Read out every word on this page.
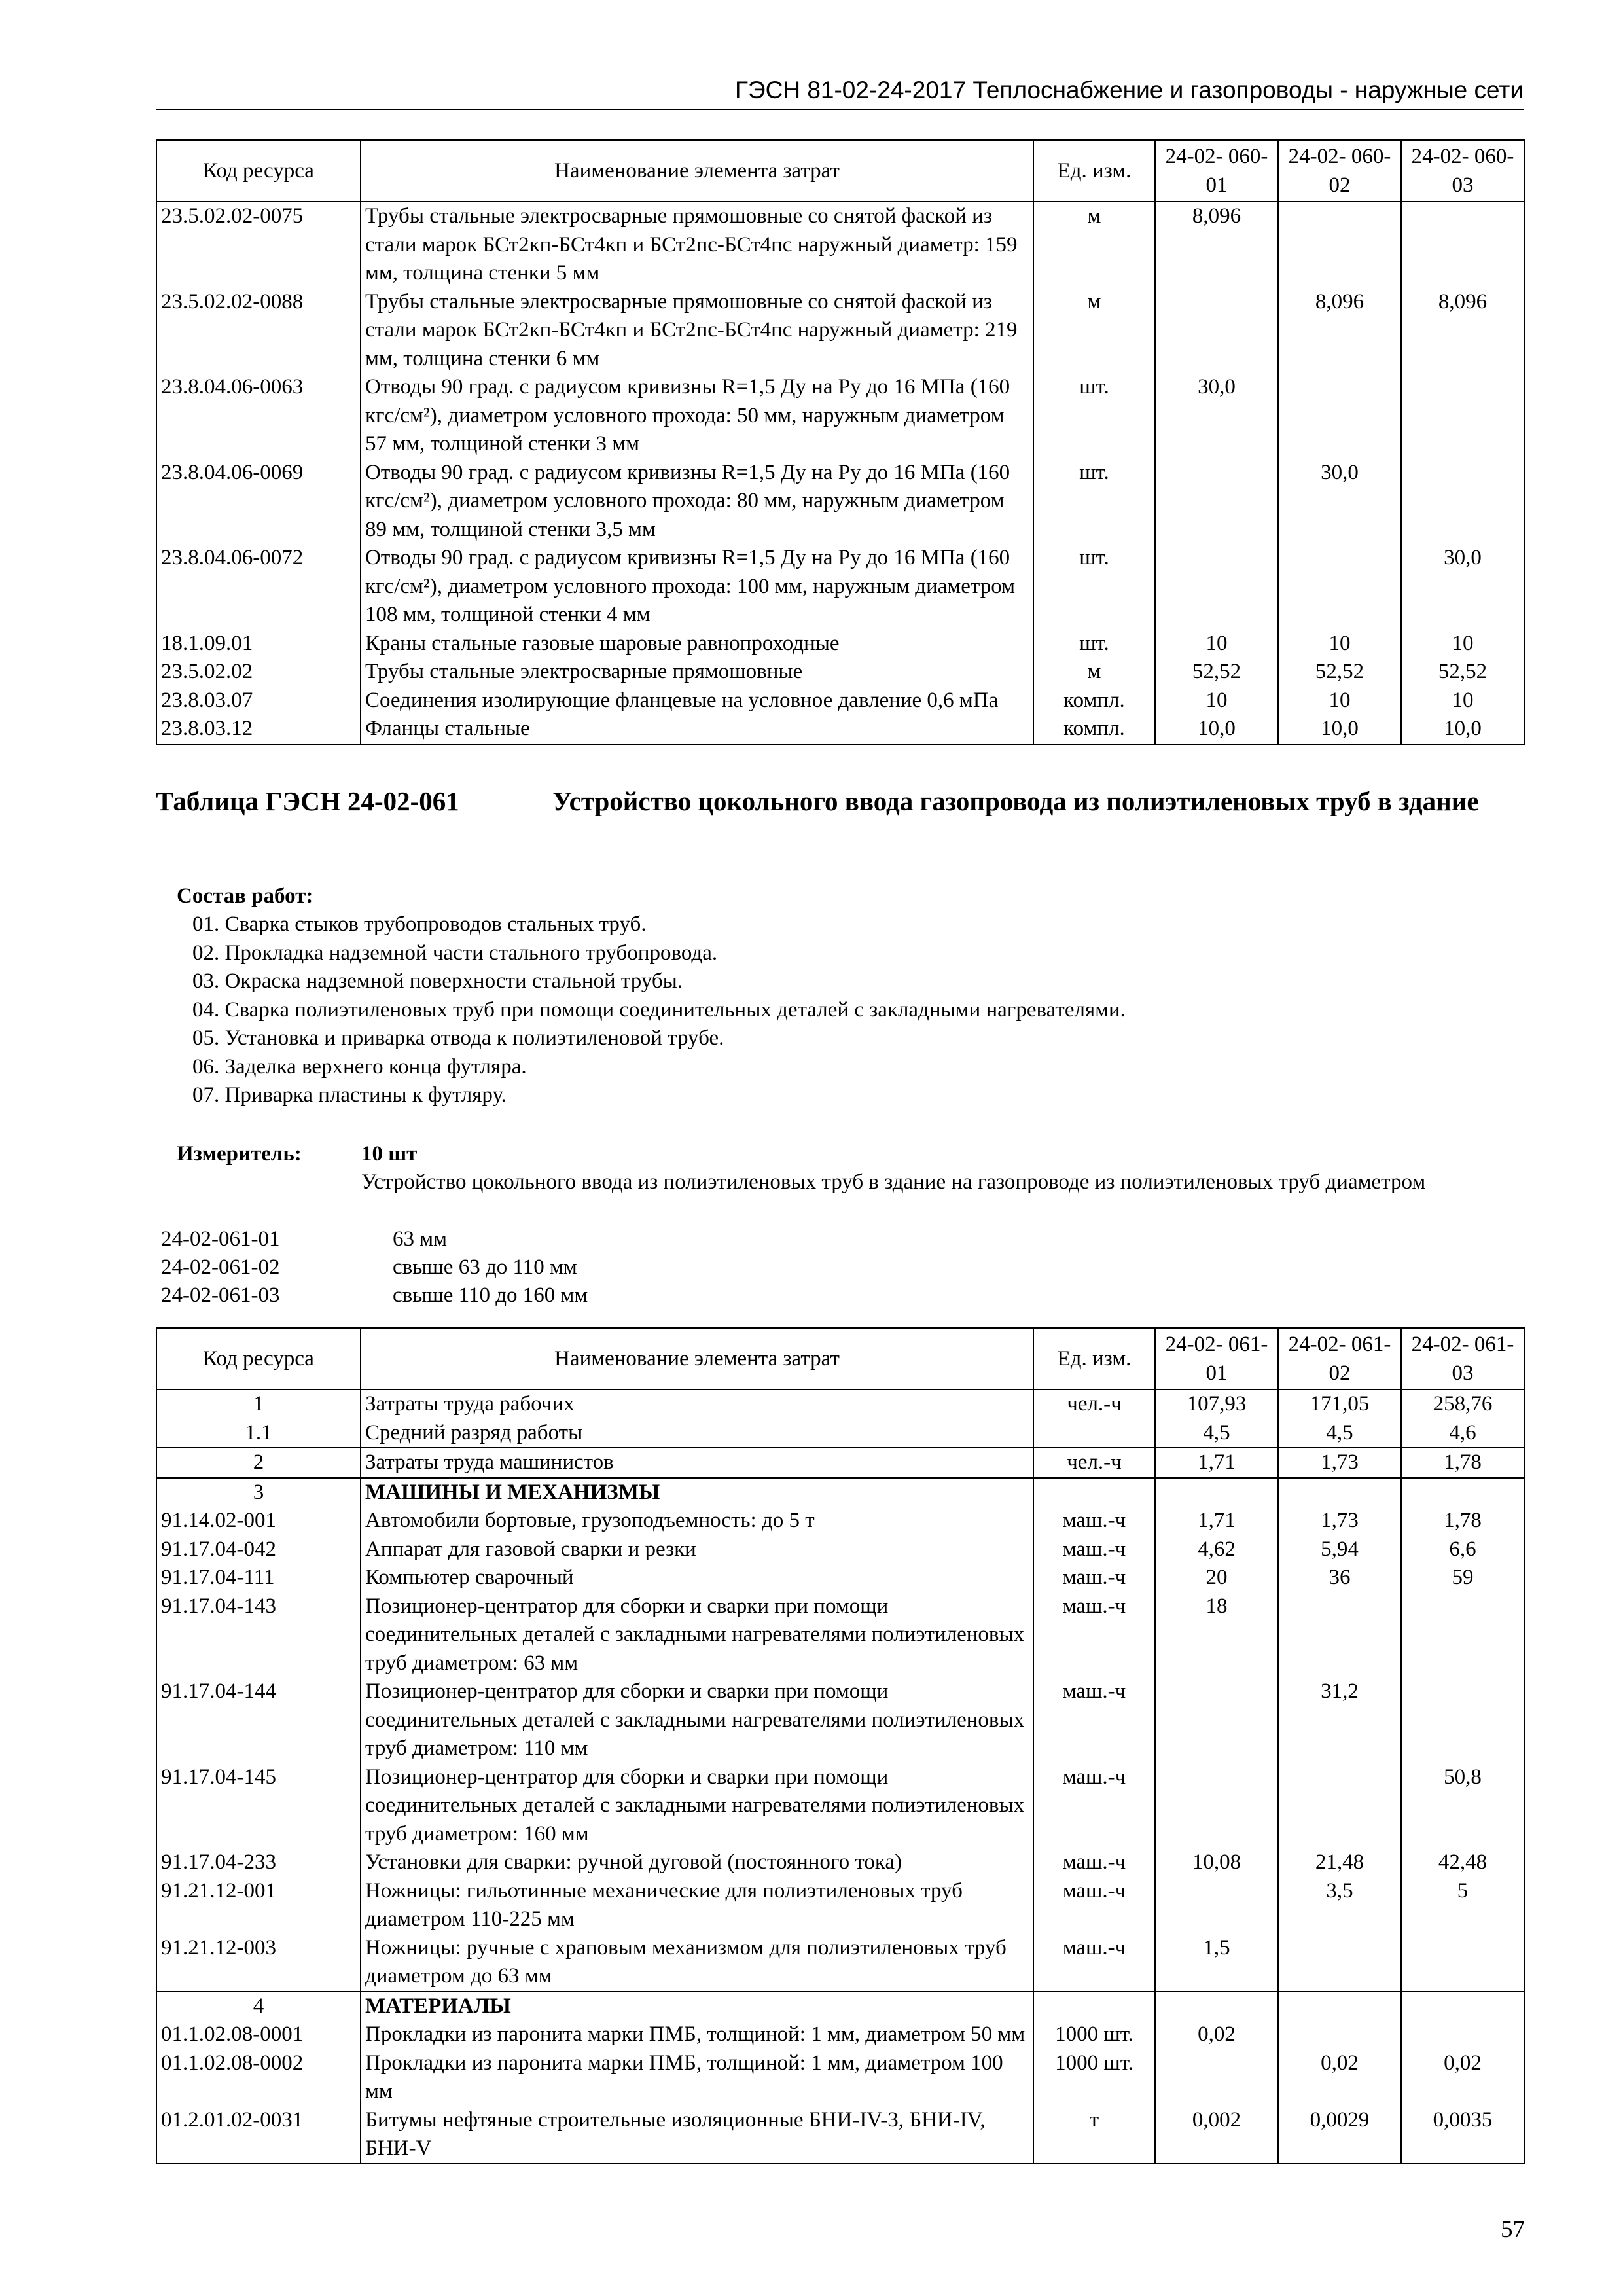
ГЭСН 81-02-24-2017 Теплоснабжение и газопроводы - наружные сети
Код ресурса	Наименование элемента затрат	Ед. изм.	24-02- 060-01	24-02- 060-02	24-02- 060-03
23.5.02.02-0075	Трубы стальные электросварные прямошовные со снятой фаской из стали марок БСт2кп-БСт4кп и БСт2пс-БСт4пс наружный диаметр: 159 мм, толщина стенки 5 мм	м	8,096		
23.5.02.02-0088	Трубы стальные электросварные прямошовные со снятой фаской из стали марок БСт2кп-БСт4кп и БСт2пс-БСт4пс наружный диаметр: 219 мм, толщина стенки 6 мм	м		8,096	8,096
23.8.04.06-0063	Отводы 90 град. с радиусом кривизны R=1,5 Ду на Ру до 16 МПа (160 кгс/см²), диаметром условного прохода: 50 мм, наружным диаметром 57 мм, толщиной стенки 3 мм	шт.	30,0		
23.8.04.06-0069	Отводы 90 град. с радиусом кривизны R=1,5 Ду на Ру до 16 МПа (160 кгс/см²), диаметром условного прохода: 80 мм, наружным диаметром 89 мм, толщиной стенки 3,5 мм	шт.		30,0	
23.8.04.06-0072	Отводы 90 град. с радиусом кривизны R=1,5 Ду на Ру до 16 МПа (160 кгс/см²), диаметром условного прохода: 100 мм, наружным диаметром 108 мм, толщиной стенки 4 мм	шт.			30,0
18.1.09.01	Краны стальные газовые шаровые равнопроходные	шт.	10	10	10
23.5.02.02	Трубы стальные электросварные прямошовные	м	52,52	52,52	52,52
23.8.03.07	Соединения изолирующие фланцевые на условное давление 0,6 мПа	компл.	10	10	10
23.8.03.12	Фланцы стальные	компл.	10,0	10,0	10,0
Таблица ГЭСН 24-02-061	Устройство цокольного ввода газопровода из полиэтиленовых труб в здание
Состав работ:
01. Сварка стыков трубопроводов стальных труб.
02. Прокладка надземной части стального трубопровода.
03. Окраска надземной поверхности стальной трубы.
04. Сварка полиэтиленовых труб при помощи соединительных деталей с закладными нагревателями.
05. Установка и приварка отвода к полиэтиленовой трубе.
06. Заделка верхнего конца футляра.
07. Приварка пластины к футляру.
Измеритель:	10 шт
Устройство цокольного ввода из полиэтиленовых труб в здание на газопроводе из полиэтиленовых труб диаметром
24-02-061-01	63 мм
24-02-061-02	свыше 63 до 110 мм
24-02-061-03	свыше 110 до 160 мм
Код ресурса	Наименование элемента затрат	Ед. изм.	24-02- 061-01	24-02- 061-02	24-02- 061-03
1	Затраты труда рабочих	чел.-ч	107,93	171,05	258,76
1.1	Средний разряд работы		4,5	4,5	4,6
2	Затраты труда машинистов	чел.-ч	1,71	1,73	1,78
3	МАШИНЫ И МЕХАНИЗМЫ				
91.14.02-001	Автомобили бортовые, грузоподъемность: до 5 т	маш.-ч	1,71	1,73	1,78
91.17.04-042	Аппарат для газовой сварки и резки	маш.-ч	4,62	5,94	6,6
91.17.04-111	Компьютер сварочный	маш.-ч	20	36	59
91.17.04-143	Позиционер-центратор для сборки и сварки при помощи соединительных деталей с закладными нагревателями полиэтиленовых труб диаметром: 63 мм	маш.-ч	18		
91.17.04-144	Позиционер-центратор для сборки и сварки при помощи соединительных деталей с закладными нагревателями полиэтиленовых труб диаметром: 110 мм	маш.-ч		31,2	
91.17.04-145	Позиционер-центратор для сборки и сварки при помощи соединительных деталей с закладными нагревателями полиэтиленовых труб диаметром: 160 мм	маш.-ч			50,8
91.17.04-233	Установки для сварки: ручной дуговой (постоянного тока)	маш.-ч	10,08	21,48	42,48
91.21.12-001	Ножницы: гильотинные механические для полиэтиленовых труб диаметром 110-225 мм	маш.-ч		3,5	5
91.21.12-003	Ножницы: ручные с храповым механизмом для полиэтиленовых труб диаметром до 63 мм	маш.-ч	1,5		
4	МАТЕРИАЛЫ				
01.1.02.08-0001	Прокладки из паронита марки ПМБ, толщиной: 1 мм, диаметром 50 мм	1000 шт.	0,02		
01.1.02.08-0002	Прокладки из паронита марки ПМБ, толщиной: 1 мм, диаметром 100 мм	1000 шт.		0,02	0,02
01.2.01.02-0031	Битумы нефтяные строительные изоляционные БНИ-IV-3, БНИ-IV, БНИ-V	т	0,002	0,0029	0,0035
57
